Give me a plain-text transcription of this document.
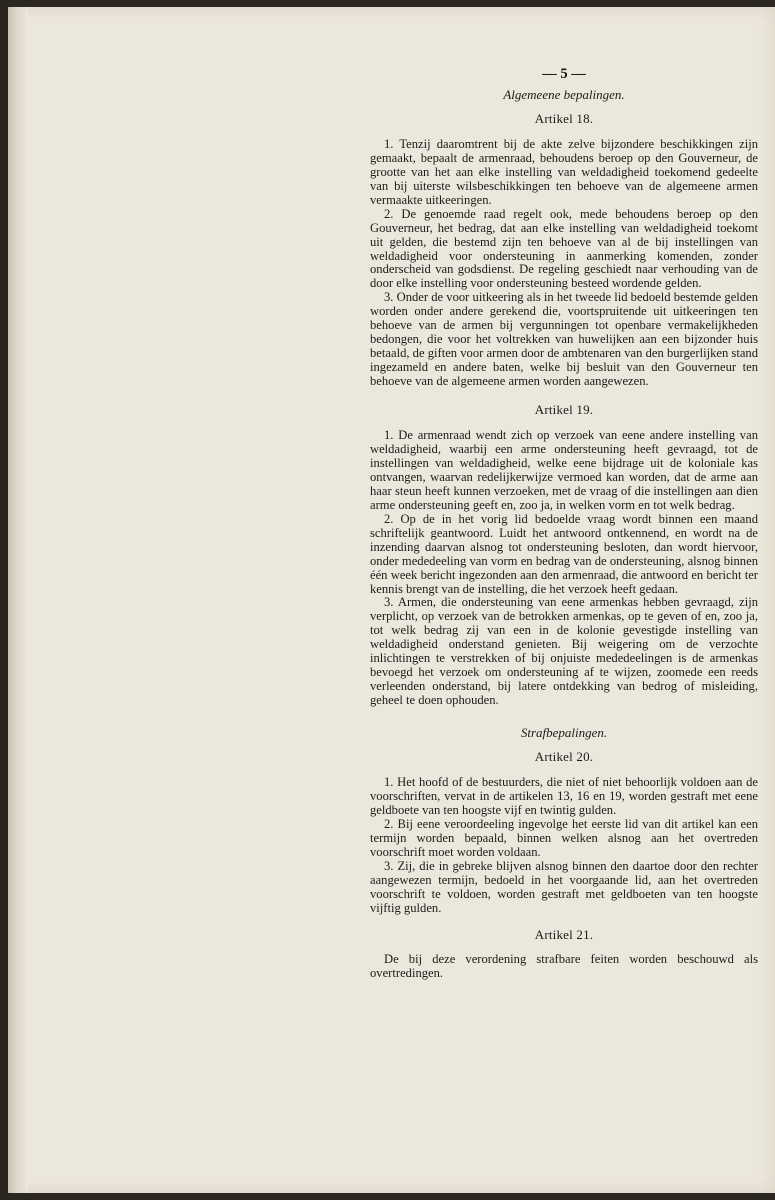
— 5 —
Algemeene bepalingen.
Artikel 18.

1. Tenzij daaromtrent bij de akte zelve bijzondere beschikkingen zijn gemaakt, bepaalt de armenraad, behoudens beroep op den Gouverneur, de grootte van het aan elke instelling van weldadigheid toekomend gedeelte van bij uiterste wilsbeschikkingen ten behoeve van de algemeene armen vermaakte uitkeeringen.

2. De genoemde raad regelt ook, mede behoudens beroep op den Gouverneur, het bedrag, dat aan elke instelling van weldadigheid toekomt uit gelden, die bestemd zijn ten behoeve van al de bij instellingen van weldadigheid voor ondersteuning in aanmerking komenden, zonder onderscheid van godsdienst. De regeling geschiedt naar verhouding van de door elke instelling voor ondersteuning besteed wordende gelden.

3. Onder de voor uitkeering als in het tweede lid bedoeld bestemde gelden worden onder andere gerekend die, voortspruitende uit uitkeeringen ten behoeve van de armen bij vergunningen tot openbare vermakelijkheden bedongen, die voor het voltrekken van huwelijken aan een bijzonder huis betaald, de giften voor armen door de ambtenaren van den burgerlijken stand ingezameld en andere baten, welke bij besluit van den Gouverneur ten behoeve van de algemeene armen worden aangewezen.

Artikel 19.

1. De armenraad wendt zich op verzoek van eene andere instelling van weldadigheid, waarbij een arme ondersteuning heeft gevraagd, tot de instellingen van weldadigheid, welke eene bijdrage uit de koloniale kas ontvangen, waarvan redelijkerwijze vermoed kan worden, dat de arme aan haar steun heeft kunnen verzoeken, met de vraag of die instellingen aan dien arme ondersteuning geeft en, zoo ja, in welken vorm en tot welk bedrag.

2. Op de in het vorig lid bedoelde vraag wordt binnen een maand schriftelijk geantwoord. Luidt het antwoord ontkennend, en wordt na de inzending daarvan alsnog tot ondersteuning besloten, dan wordt hiervoor, onder mededeeling van vorm en bedrag van de ondersteuning, alsnog binnen één week bericht ingezonden aan den armenraad, die antwoord en bericht ter kennis brengt van de instelling, die het verzoek heeft gedaan.

3. Armen, die ondersteuning van eene armenkas hebben gevraagd, zijn verplicht, op verzoek van de betrokken armenkas, op te geven of en, zoo ja, tot welk bedrag zij van een in de kolonie gevestigde instelling van weldadigheid onderstand genieten. Bij weigering om de verzochte inlichtingen te verstrekken of bij onjuiste mededeelingen is de armenkas bevoegd het verzoek om ondersteuning af te wijzen, zoomede een reeds verleenden onderstand, bij latere ontdekking van bedrog of misleiding, geheel te doen ophouden.

Strafbepalingen.
Artikel 20.

1. Het hoofd of de bestuurders, die niet of niet behoorlijk voldoen aan de voorschriften, vervat in de artikelen 13, 16 en 19, worden gestraft met eene geldboete van ten hoogste vijf en twintig gulden.

2. Bij eene veroordeeling ingevolge het eerste lid van dit artikel kan een termijn worden bepaald, binnen welken alsnog aan het overtreden voorschrift moet worden voldaan.

3. Zij, die in gebreke blijven alsnog binnen den daartoe door den rechter aangewezen termijn, bedoeld in het voorgaande lid, aan het overtreden voorschrift te voldoen, worden gestraft met geldboeten van ten hoogste vijftig gulden.

Artikel 21.

De bij deze verordening strafbare feiten worden beschouwd als overtredingen.
